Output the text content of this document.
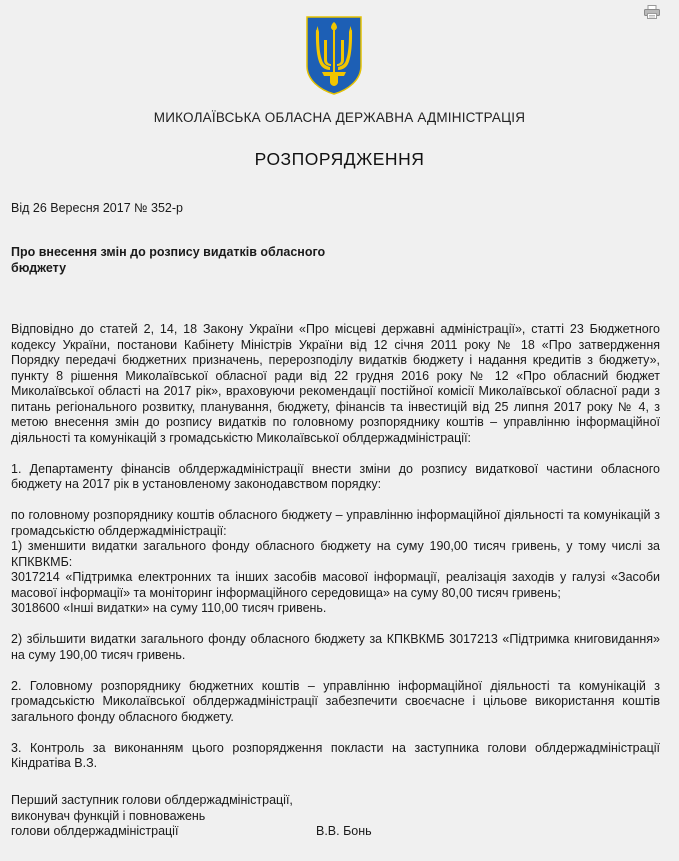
МИКОЛАЇВСЬКА ОБЛАСНА ДЕРЖАВНА АДМІНІСТРАЦІЯ
РОЗПОРЯДЖЕННЯ
Від 26 Вересня 2017 № 352-р
Про внесення змін до розпису видатків обласного
бюджету

Відповідно до статей 2, 14, 18 Закону України «Про місцеві державні адміністрації», статті 23 Бюджетного кодексу України, постанови Кабінету Міністрів України від 12 січня 2011 року № 18 «Про затвердження Порядку передачі бюджетних призначень, перерозподілу видатків бюджету і надання кредитів з бюджету», пункту 8 рішення Миколаївської обласної ради від 22 грудня 2016 року № 12 «Про обласний бюджет Миколаївської області на 2017 рік», враховуючи рекомендації постійної комісії Миколаївської обласної ради з питань регіонального розвитку, планування, бюджету, фінансів та інвестицій від 25 липня 2017 року № 4, з метою внесення змін до розпису видатків по головному розпоряднику коштів – управлінню інформаційної діяльності та комунікацій з громадськістю Миколаївської облдержадміністрації:

1. Департаменту фінансів облдержадміністрації внести зміни до розпису видаткової частини обласного бюджету на 2017 рік в установленому законодавством порядку:

по головному розпоряднику коштів обласного бюджету – управлінню інформаційної діяльності та комунікацій з громадськістю облдержадміністрації:

1) зменшити видатки загального фонду обласного бюджету на суму 190,00 тисяч гривень, у тому числі за КПКВКМБ:

3017214 «Підтримка електронних та інших засобів масової інформації, реалізація заходів у галузі «Засоби масової інформації» та моніторинг інформаційного середовища» на суму 80,00 тисяч гривень;

3018600 «Інші видатки» на суму 110,00 тисяч гривень.

2) збільшити видатки загального фонду обласного бюджету за КПКВКМБ 3017213 «Підтримка книговидання» на суму 190,00 тисяч гривень.

2. Головному розпоряднику бюджетних коштів – управлінню інформаційної діяльності та комунікацій з громадськістю Миколаївської облдержадміністрації забезпечити своєчасне і цільове використання коштів загального фонду обласного бюджету.

3. Контроль за виконанням цього розпорядження покласти на заступника голови облдержадміністрації Кіндратіва В.З.

Перший заступник голови облдержадміністрації,
виконувач функцій і повноважень
голови облдержадміністрації	В.В. Бонь
